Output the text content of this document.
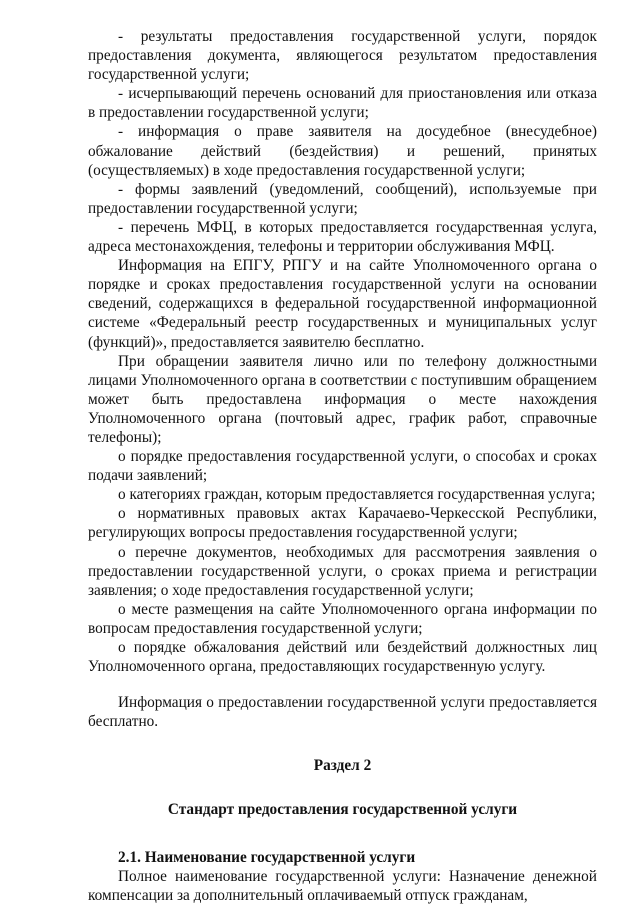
- результаты предоставления государственной услуги, порядок предоставления документа, являющегося результатом предоставления государственной услуги;

- исчерпывающий перечень оснований для приостановления или отказа в предоставлении государственной услуги;

- информация о праве заявителя на досудебное (внесудебное) обжалование действий (бездействия) и решений, принятых (осуществляемых) в ходе предоставления государственной услуги;

- формы заявлений (уведомлений, сообщений), используемые при предоставлении государственной услуги;

- перечень МФЦ, в которых предоставляется государственная услуга, адреса местонахождения, телефоны и территории обслуживания МФЦ.

Информация на ЕПГУ, РПГУ и на сайте Уполномоченного органа о порядке и сроках предоставления государственной услуги на основании сведений, содержащихся в федеральной государственной информационной системе «Федеральный реестр государственных и муниципальных услуг (функций)», предоставляется заявителю бесплатно.

При обращении заявителя лично или по телефону должностными лицами Уполномоченного органа в соответствии с поступившим обращением может быть предоставлена информация о месте нахождения Уполномоченного органа (почтовый адрес, график работ, справочные телефоны);

о порядке предоставления государственной услуги, о способах и сроках подачи заявлений;

о категориях граждан, которым предоставляется государственная услуга;

о нормативных правовых актах Карачаево-Черкесской Республики, регулирующих вопросы предоставления государственной услуги;

о перечне документов, необходимых для рассмотрения заявления о предоставлении государственной услуги, о сроках приема и регистрации заявления; о ходе предоставления государственной услуги;

о месте размещения на сайте Уполномоченного органа информации по вопросам предоставления государственной услуги;

о порядке обжалования действий или бездействий должностных лиц Уполномоченного органа, предоставляющих государственную услугу.

Информация о предоставлении государственной услуги предоставляется бесплатно.

Раздел 2

Стандарт предоставления государственной услуги

2.1. Наименование государственной услуги

Полное наименование государственной услуги: Назначение денежной компенсации за дополнительный оплачиваемый отпуск гражданам,
